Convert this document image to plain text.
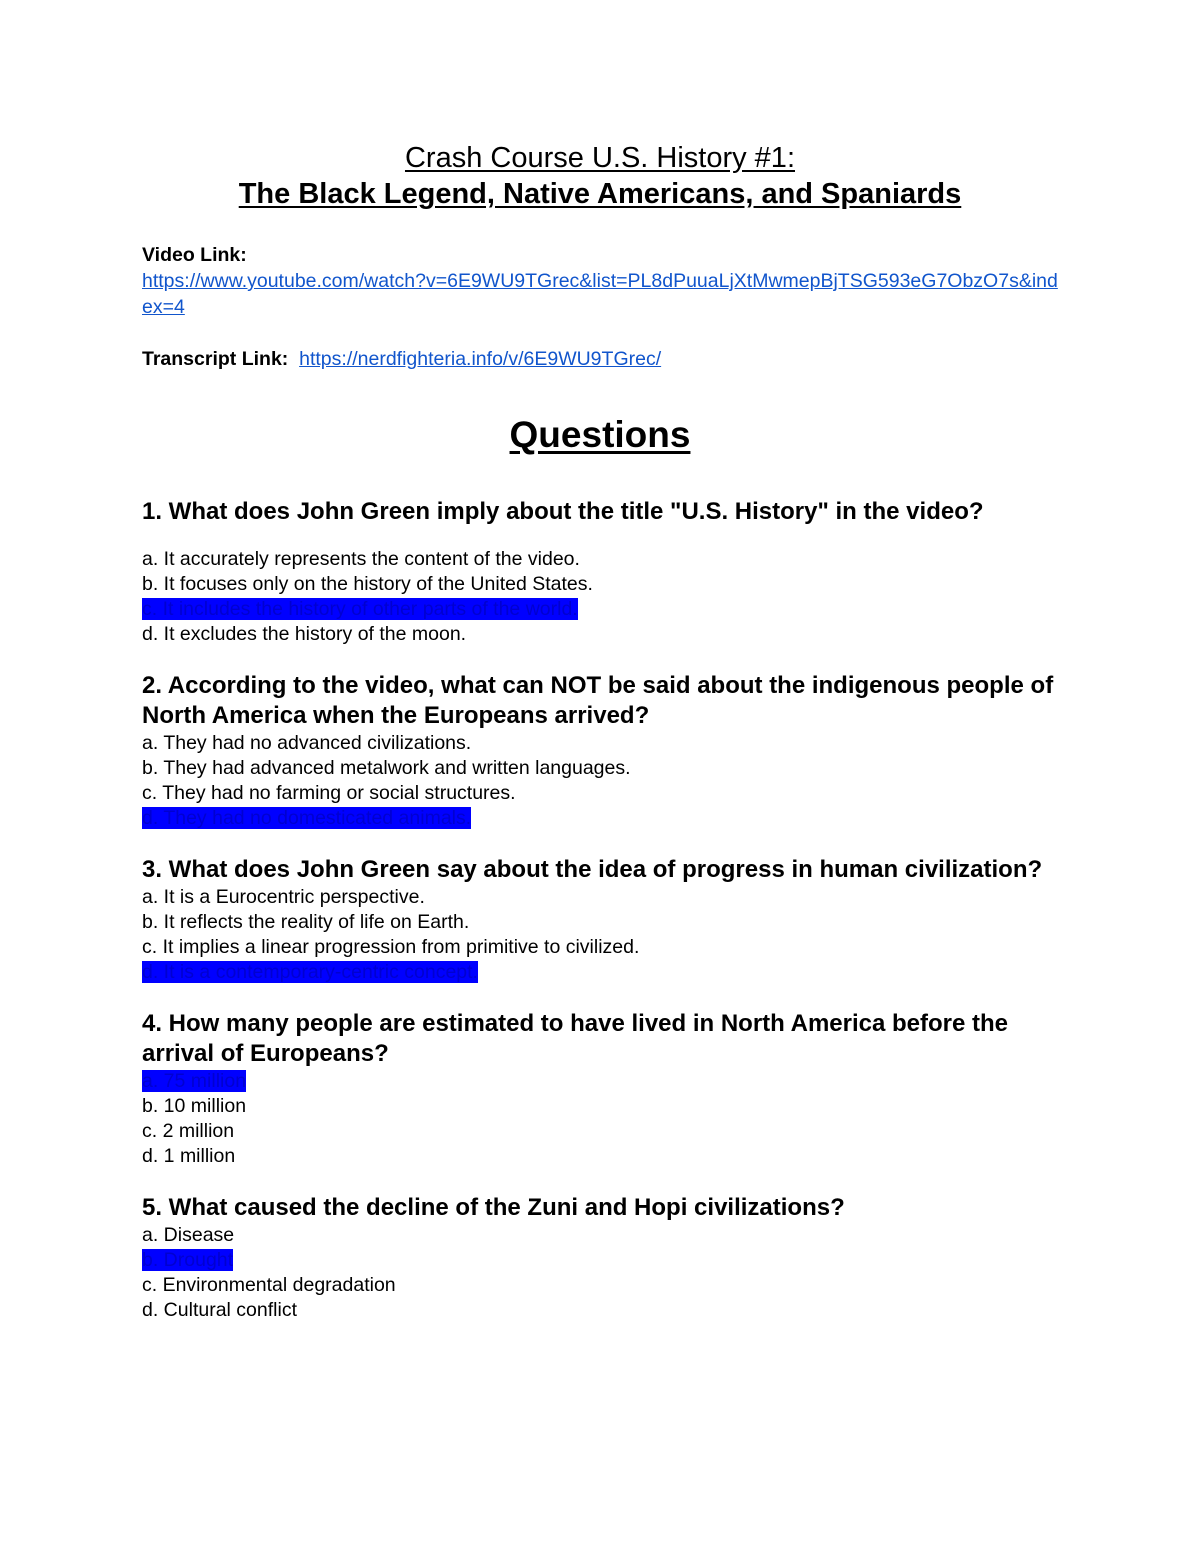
Crash Course U.S. History #1:
The Black Legend, Native Americans, and Spaniards
Video Link:
https://www.youtube.com/watch?v=6E9WU9TGrec&list=PL8dPuuaLjXtMwmepBjTSG593eG7ObzO7s&index=4
Transcript Link: https://nerdfighteria.info/v/6E9WU9TGrec/
Questions
1. What does John Green imply about the title "U.S. History" in the video?
a. It accurately represents the content of the video.
b. It focuses only on the history of the United States.
c. It includes the history of other parts of the world.
d. It excludes the history of the moon.
2. According to the video, what can NOT be said about the indigenous people of North America when the Europeans arrived?
a. They had no advanced civilizations.
b. They had advanced metalwork and written languages.
c. They had no farming or social structures.
d. They had no domesticated animals.
3. What does John Green say about the idea of progress in human civilization?
a. It is a Eurocentric perspective.
b. It reflects the reality of life on Earth.
c. It implies a linear progression from primitive to civilized.
d. It is a contemporary-centric concept.
4. How many people are estimated to have lived in North America before the arrival of Europeans?
a. 75 million
b. 10 million
c. 2 million
d. 1 million
5. What caused the decline of the Zuni and Hopi civilizations?
a. Disease
b. Drought
c. Environmental degradation
d. Cultural conflict
